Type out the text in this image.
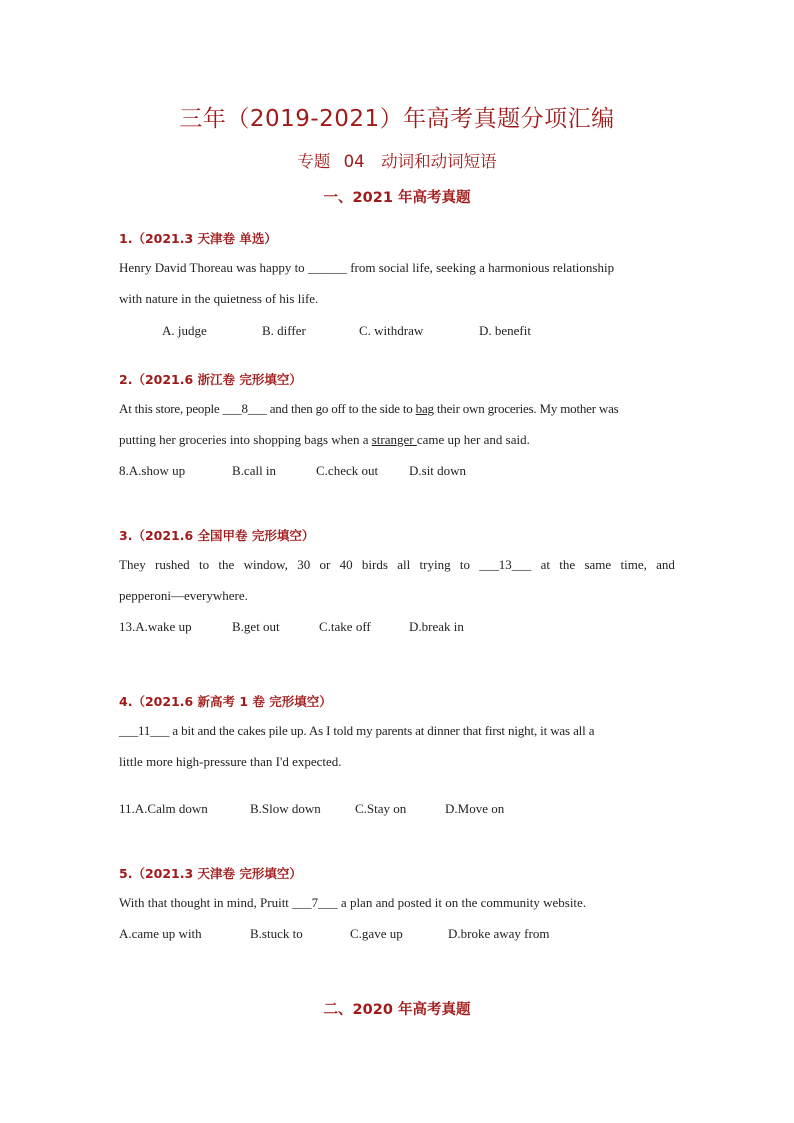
三年（2019-2021）年高考真题分项汇编
专题 04　动词和动词短语
一、2021 年高考真题
1.（2021.3 天津卷 单选）
Henry David Thoreau was happy to ______ from social life, seeking a harmonious relationship
with nature in the quietness of his life.
A. judge	B. differ	C. withdraw	D. benefit
2.（2021.6 浙江卷 完形填空）
At this store, people ___8___ and then go off to the side to bag their own groceries. My mother was
putting her groceries into shopping bags when a stranger came up her and said.
8.A.show up	B.call in	C.check out D.sit down
3.（2021.6 全国甲卷 完形填空）
They rushed to the window, 30 or 40 birds all trying to ___13___ at the same time, and
pepperoni—everywhere.
13.A.wake up	B.get out	C.take off	D.break in
4.（2021.6 新高考 1 卷 完形填空）
___11___ a bit and the cakes pile up. As I told my parents at dinner that first night, it was all a
little more high-pressure than I'd expected.
11.A.Calm down	B.Slow down	C.Stay on	D.Move on
5.（2021.3 天津卷 完形填空）
With that thought in mind, Pruitt ___7___ a plan and posted it on the community website.
A.came up with	B.stuck to	C.gave up	D.broke away from
二、2020 年高考真题
